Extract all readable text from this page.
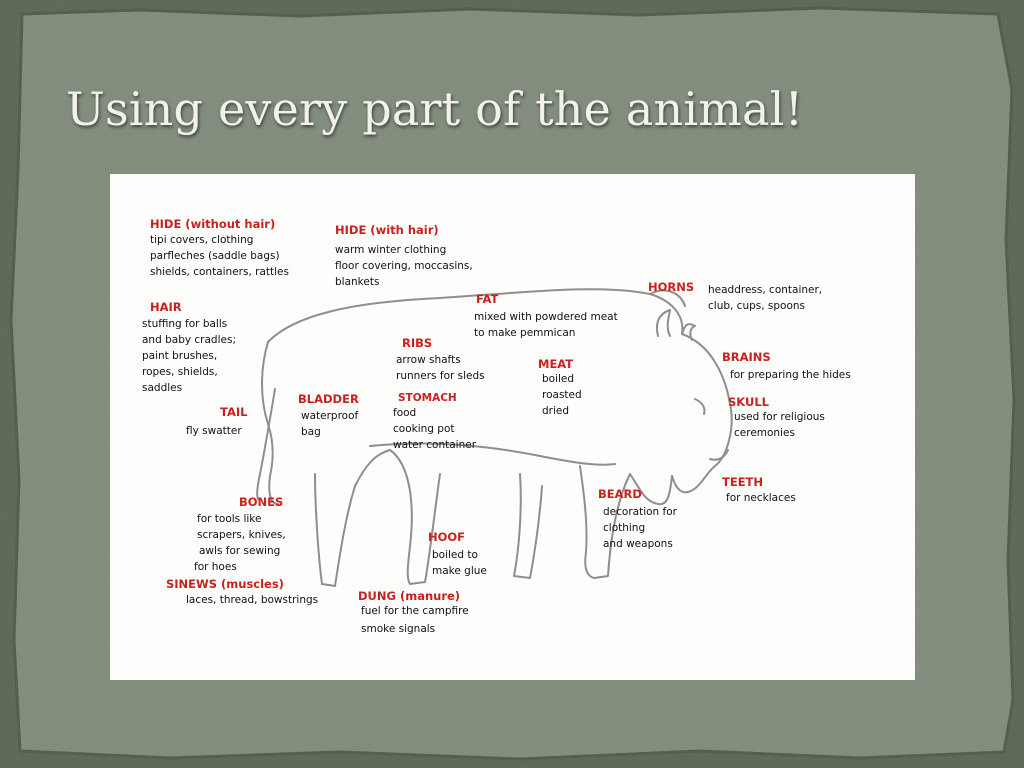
Using every part of the animal!
HIDE (without hair)
tipi covers, clothing
parfleches (saddle bags)
shields, containers, rattles
HIDE (with hair)
warm winter clothing
floor covering, moccasins,
blankets	HORNS headdress, container,
club, cups, spoons
FAT
mixed with powdered meat
to make pemmican
HAIR
stuffing for balls
and baby cradles;
paint brushes,
ropes, shields,
saddles
RIBS
arrow shafts
runners for sleds
MEAT
boiled
roasted
dried
BRAINS
for preparing the hides
TAIL
fly swatter
BLADDER
waterproof
bag
STOMACH
food
cooking pot
water container
SKULL
used for religious
ceremonies
TEETH
for necklaces
BONES
for tools like
scrapers, knives,
awls for sewing
for hoes
BEARD
decoration for
clothing
and weapons
HOOF
boiled to
make glue
SINEWS (muscles)
laces, thread, bowstrings	DUNG (manure)
fuel for the campfire
smoke signals
